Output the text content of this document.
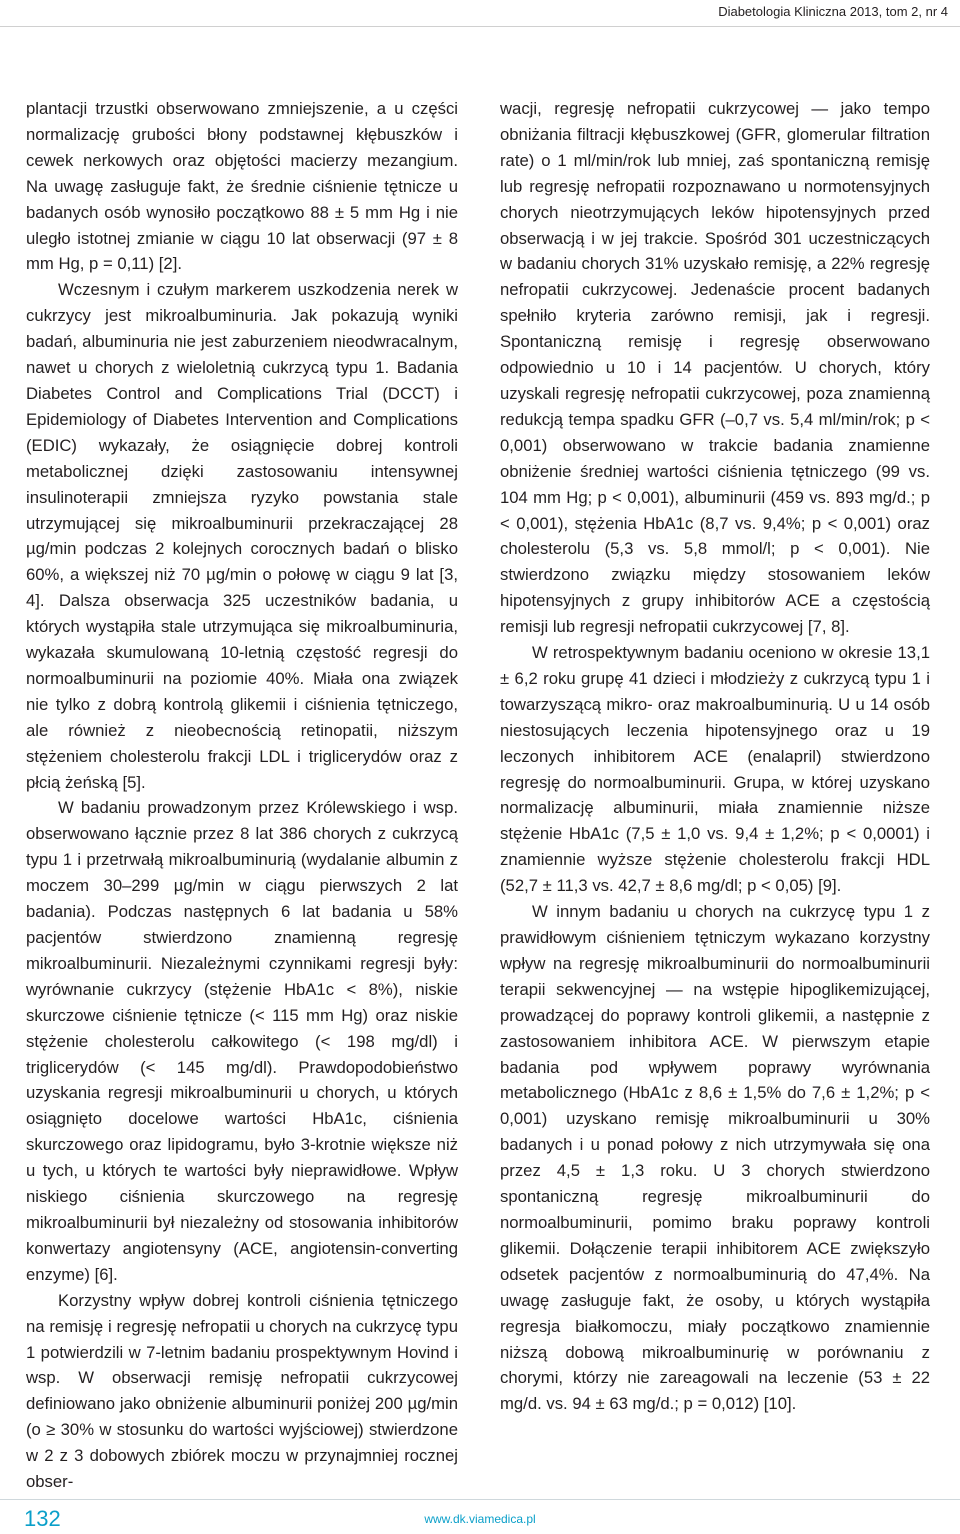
Diabetologia Kliniczna 2013, tom 2, nr 4

plantacji trzustki obserwowano zmniejszenie, a u części normalizację grubości błony podstawnej kłębuszków i cewek nerkowych oraz objętości macierzy mezangium. Na uwagę zasługuje fakt, że średnie ciśnienie tętnicze u badanych osób wynosiło początkowo 88 ± 5 mm Hg i nie uległo istotnej zmianie w ciągu 10 lat obserwacji (97 ± 8 mm Hg, p = 0,11) [2].

Wczesnym i czułym markerem uszkodzenia nerek w cukrzycy jest mikroalbuminuria. Jak pokazują wyniki badań, albuminuria nie jest zaburzeniem nieodwracalnym, nawet u chorych z wieloletnią cukrzycą typu 1. Badania Diabetes Control and Complications Trial (DCCT) i Epidemiology of Diabetes Intervention and Complications (EDIC) wykazały, że osiągnięcie dobrej kontroli metabolicznej dzięki zastosowaniu intensywnej insulinoterapii zmniejsza ryzyko powstania stale utrzymującej się mikroalbuminurii przekraczającej 28 µg/min podczas 2 kolejnych corocznych badań o blisko 60%, a większej niż 70 µg/min o połowę w ciągu 9 lat [3, 4]. Dalsza obserwacja 325 uczestników badania, u których wystąpiła stale utrzymująca się mikroalbuminuria, wykazała skumulowaną 10-letnią częstość regresji do normoalbuminurii na poziomie 40%. Miała ona związek nie tylko z dobrą kontrolą glikemii i ciśnienia tętniczego, ale również z nieobecnością retinopatii, niższym stężeniem cholesterolu frakcji LDL i triglicerydów oraz z płcią żeńską [5].

W badaniu prowadzonym przez Królewskiego i wsp. obserwowano łącznie przez 8 lat 386 chorych z cukrzycą typu 1 i przetrwałą mikroalbuminurią (wydalanie albumin z moczem 30–299 µg/min w ciągu pierwszych 2 lat badania). Podczas następnych 6 lat badania u 58% pacjentów stwierdzono znamienną regresję mikroalbuminurii. Niezależnymi czynnikami regresji były: wyrównanie cukrzycy (stężenie HbA1c < 8%), niskie skurczowe ciśnienie tętnicze (< 115 mm Hg) oraz niskie stężenie cholesterolu całkowitego (< 198 mg/dl) i triglicerydów (< 145 mg/dl). Prawdopodobieństwo uzyskania regresji mikroalbuminurii u chorych, u których osiągnięto docelowe wartości HbA1c, ciśnienia skurczowego oraz lipidogramu, było 3-krotnie większe niż u tych, u których te wartości były nieprawidłowe. Wpływ niskiego ciśnienia skurczowego na regresję mikroalbuminurii był niezależny od stosowania inhibitorów konwertazy angiotensyny (ACE, angiotensin-converting enzyme) [6].

Korzystny wpływ dobrej kontroli ciśnienia tętniczego na remisję i regresję nefropatii u chorych na cukrzycę typu 1 potwierdzili w 7-letnim badaniu prospektywnym Hovind i wsp. W obserwacji remisję nefropatii cukrzycowej definiowano jako obniżenie albuminurii poniżej 200 µg/min (o ≥ 30% w stosunku do wartości wyjściowej) stwierdzone w 2 z 3 dobowych zbiórek moczu w przynajmniej rocznej obser-

wacji, regresję nefropatii cukrzycowej — jako tempo obniżania filtracji kłębuszkowej (GFR, glomerular filtration rate) o 1 ml/min/rok lub mniej, zaś spontaniczną remisję lub regresję nefropatii rozpoznawano u normotensyjnych chorych nieotrzymujących leków hipotensyjnych przed obserwacją i w jej trakcie. Spośród 301 uczestniczących w badaniu chorych 31% uzyskało remisję, a 22% regresję nefropatii cukrzycowej. Jedenaście procent badanych spełniło kryteria zarówno remisji, jak i regresji. Spontaniczną remisję i regresję obserwowano odpowiednio u 10 i 14 pacjentów. U chorych, który uzyskali regresję nefropatii cukrzycowej, poza znamienną redukcją tempa spadku GFR (–0,7 vs. 5,4 ml/min/rok; p < 0,001) obserwowano w trakcie badania znamienne obniżenie średniej wartości ciśnienia tętniczego (99 vs. 104 mm Hg; p < 0,001), albuminurii (459 vs. 893 mg/d.; p < 0,001), stężenia HbA1c (8,7 vs. 9,4%; p < 0,001) oraz cholesterolu (5,3 vs. 5,8 mmol/l; p < 0,001). Nie stwierdzono związku między stosowaniem leków hipotensyjnych z grupy inhibitorów ACE a częstością remisji lub regresji nefropatii cukrzycowej [7, 8].

W retrospektywnym badaniu oceniono w okresie 13,1 ± 6,2 roku grupę 41 dzieci i młodzieży z cukrzycą typu 1 i towarzyszącą mikro- oraz makroalbuminurią. U u 14 osób niestosujących leczenia hipotensyjnego oraz u 19 leczonych inhibitorem ACE (enalapril) stwierdzono regresję do normoalbuminurii. Grupa, w której uzyskano normalizację albuminurii, miała znamiennie niższe stężenie HbA1c (7,5 ± 1,0 vs. 9,4 ± 1,2%; p < 0,0001) i znamiennie wyższe stężenie cholesterolu frakcji HDL (52,7 ± 11,3 vs. 42,7 ± 8,6 mg/dl; p < 0,05) [9].

W innym badaniu u chorych na cukrzycę typu 1 z prawidłowym ciśnieniem tętniczym wykazano korzystny wpływ na regresję mikroalbuminurii do normoalbuminurii terapii sekwencyjnej — na wstępie hipoglikemizującej, prowadzącej do poprawy kontroli glikemii, a następnie z zastosowaniem inhibitora ACE. W pierwszym etapie badania pod wpływem poprawy wyrównania metabolicznego (HbA1c z 8,6 ± 1,5% do 7,6 ± 1,2%; p < 0,001) uzyskano remisję mikroalbuminurii u 30% badanych i u ponad połowy z nich utrzymywała się ona przez 4,5 ± 1,3 roku. U 3 chorych stwierdzono spontaniczną regresję mikroalbuminurii do normoalbuminurii, pomimo braku poprawy kontroli glikemii. Dołączenie terapii inhibitorem ACE zwiększyło odsetek pacjentów z normoalbuminurią do 47,4%. Na uwagę zasługuje fakt, że osoby, u których wystąpiła regresja białkomoczu, miały początkowo znamiennie niższą dobową mikroalbuminurię w porównaniu z chorymi, którzy nie zareagowali na leczenie (53 ± 22 mg/d. vs. 94 ± 63 mg/d.; p = 0,012) [10].

132	www.dk.viamedica.pl
